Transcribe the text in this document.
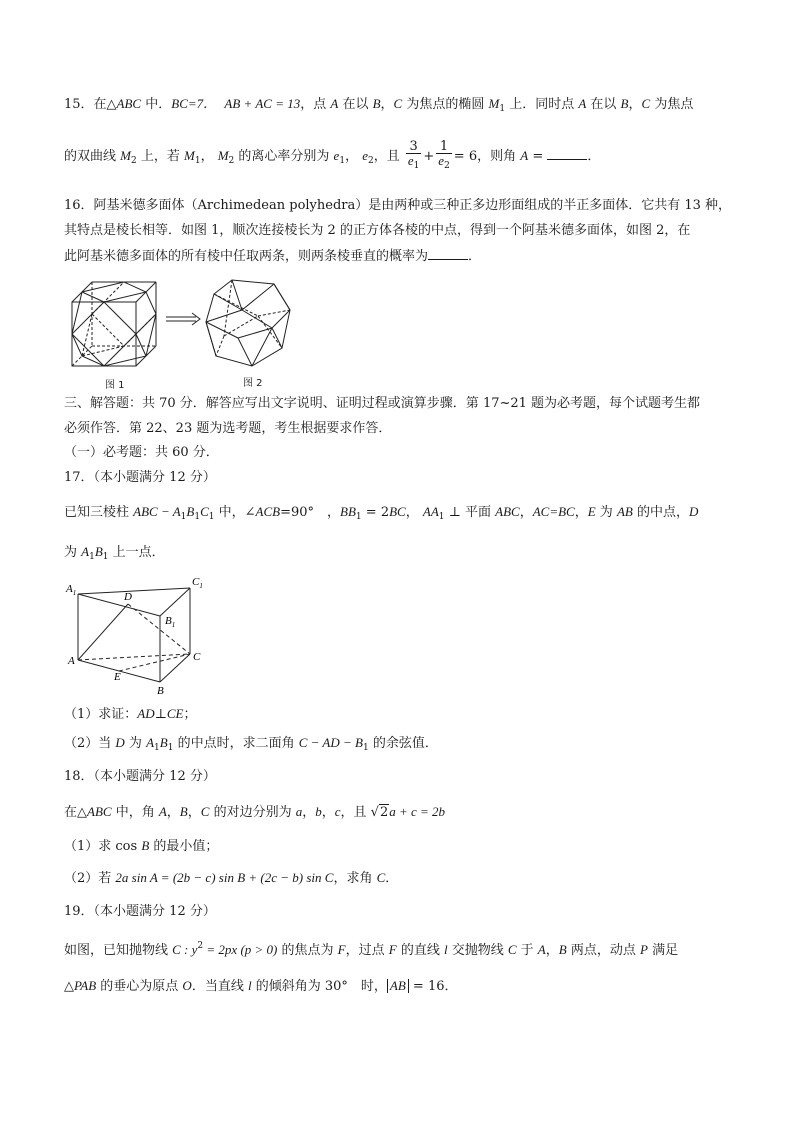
15．在△ABC 中．BC=7． AB + AC = 13，点 A 在以 B，C 为焦点的椭圆 $M_1$ 上．同时点 A 在以 B，C 为焦点
的双曲线 $M_2$ 上，若 $M_1$， $M_2$ 的离心率分别为 $e_1$， $e_2$，且 $\frac{3}{e_1} + \frac{1}{e_2} = 6$，则角 A =	．
16．阿基米德多面体（Archimedean polyhedra）是由两种或三种正多边形面组成的半正多面体．它共有 13 种，
其特点是棱长相等．如图 1，顺次连接棱长为 2 的正方体各棱的中点，得到一个阿基米德多面体，如图 2，在
此阿基米德多面体的所有棱中任取两条，则两条棱垂直的概率为	．
图 1	图 2
三、解答题：共 70 分．解答应写出文字说明、证明过程或演算步骤．第 17~21 题为必考题，每个试题考生都
必须作答．第 22、23 题为选考题，考生根据要求作答．
（一）必考题：共 60 分．
17．（本小题满分 12 分）
已知三棱柱 ABC − $A_1B_1C_1$ 中，∠ACB=90°　，$BB_1 = 2BC$， $AA_1$ ⊥ 平面 ABC，AC=BC，E 为 AB 的中点，D
为 $A_1B_1$ 上一点．
$A_1$
$C_1$
D
$B_1$
A	C
E
B
（1）求证：AD⊥CE；
（2）当 D 为 $A_1B_1$ 的中点时，求二面角 C − AD − $B_1$ 的余弦值．
18．（本小题满分 12 分）
在△ABC 中，角 A，B，C 的对边分别为 a，b，c，且 √2a + c = 2b
（1）求 cos B 的最小值；
（2）若 2a sin A = (2b − c) sin B + (2c − b) sin C，求角 C．
19．（本小题满分 12 分）
如图，已知抛物线 C : $y^2 = 2px$ (p > 0) 的焦点为 F，过点 F 的直线 l 交抛物线 C 于 A，B 两点，动点 P 满足
△PAB 的垂心为原点 O．当直线 l 的倾斜角为 30°　时， AB = 16．
